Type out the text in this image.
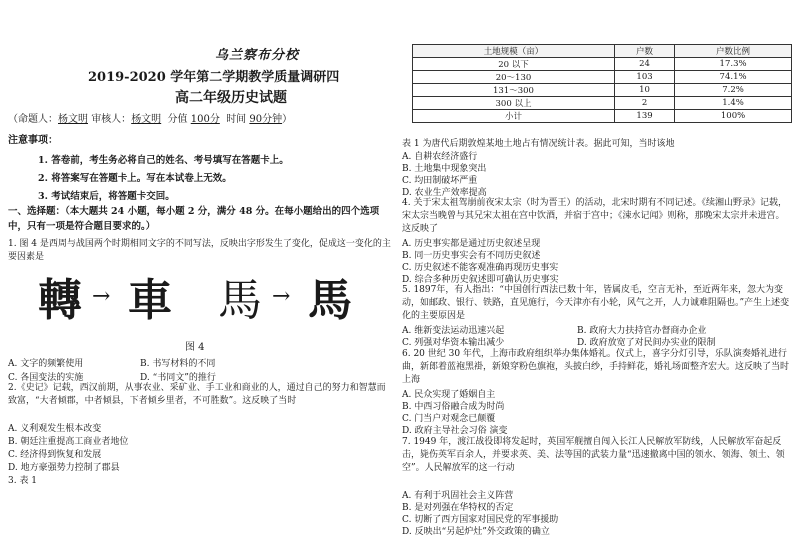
乌兰察布分校
2019-2020 学年第二学期教学质量调研四
高二年级历史试题
（命题人：杨文明 审核人：杨文明 分值 100分 时间 90分钟）
注意事项：
1. 答卷前，考生务必将自己的姓名、考号填写在答题卡上。
2. 将答案写在答题卡上。写在本试卷上无效。
3. 考试结束后，将答题卡交回。
一、选择题：（本大题共 24 小题，每小题 2 分，满分 48 分。在每小题给出的四个选项中，只有一项是符合题目要求的。）
1. 图 4 是西周与战国两个时期相同文字的不同写法，反映出字形发生了变化，促成这一变化的主要因素是
轉 → 車 馬 → 馬
图 4
A. 文字的频繁使用	B. 书写材料的不同
C. 各国变法的实施	D. “书同文”的推行
2.《史记》记载，西汉前期，从事农业、采矿业、手工业和商业的人，通过自己的努力和智慧而致富，“大者倾郡，中者倾县，下者倾乡里者，不可胜数”。这反映了当时
A. 义利观发生根本改变
B. 朝廷注重提高工商业者地位
C. 经济得到恢复和发展
D. 地方豪强势力控制了郡县
3. 表 1
土地规模（亩）	户数	户数比例
20 以下	24	17.3%
20～130	103	74.1%
131～300	10	7.2%
300 以上	2	1.4%
小计	139	100%
表 1 为唐代后期敦煌某地土地占有情况统计表。据此可知，当时该地
A. 自耕农经济盛行
B. 土地集中现象突出
C. 均田制破坏严重
D. 农业生产效率提高
4. 关于宋太祖驾崩前夜宋太宗（时为晋王）的活动，北宋时期有不同记述。《续湘山野录》记载，宋太宗当晚曾与其兄宋太祖在宫中饮酒，并宿于宫中；《涑水记闻》则称，那晚宋太宗并未进宫。这反映了
A. 历史事实都是通过历史叙述呈现
B. 同一历史事实会有不同历史叙述
C. 历史叙述不能客观准确再现历史事实
D. 综合多种历史叙述即可确认历史事实
5. 1897年，有人指出：“中国创行西法已数十年，皆属皮毛，空言无补，至近两年来，忽大为变动，如邮政、银行、铁路，直见施行，今天津亦有小轮，风气之开，人力诚难阻隔也。”产生上述变化的主要原因是
A. 维新变法运动迅速兴起	B. 政府大力扶持官办督商办企业
C. 列强对华资本输出减少	D. 政府放宽了对民间办实业的限制
6. 20 世纪 30 年代，上海市政府组织举办集体婚礼。仪式上，喜字分灯引导，乐队演奏婚礼进行曲，新郎着蓝袍黑褂，新娘穿粉色旗袍，头披白纱，手持鲜花，婚礼场面整齐宏大。这反映了当时上海
A. 民众实现了婚姻自主
B. 中西习俗融合成为时尚
C. 门当户对观念已颠覆
D. 政府主导社会习俗 演变
7. 1949 年，渡江战役即将发起时，英国军舰擅自闯入长江人民解放军防线，人民解放军奋起反击，毙伤英军百余人，并要求英、美、法等国的武装力量“迅速撤离中国的领水、领海、领土、领空”。人民解放军的这一行动
A. 有利于巩固社会主义阵营
B. 是对列强在华特权的否定
C. 切断了西方国家对国民党的军事援助
D. 反映出“另起炉灶”外交政策的确立
